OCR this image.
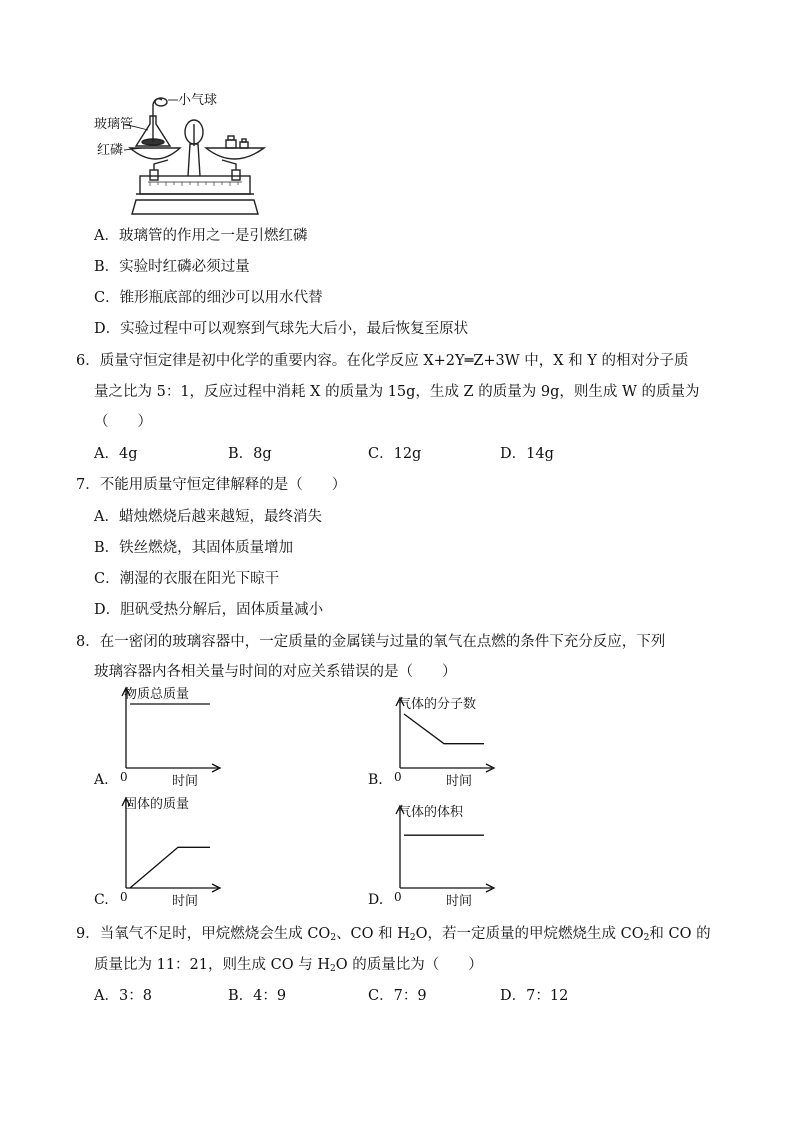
小气球
玻璃管
红磷
A．玻璃管的作用之一是引燃红磷
B．实验时红磷必须过量
C．锥形瓶底部的细沙可以用水代替
D．实验过程中可以观察到气球先大后小，最后恢复至原状
6．质量守恒定律是初中化学的重要内容。在化学反应 X+2Y═Z+3W 中，X 和 Y 的相对分子质
量之比为 5：1，反应过程中消耗 X 的质量为 15g，生成 Z 的质量为 9g，则生成 W 的质量为
（　　）
A．4g	B．8g	C．12g	D．14g
7．不能用质量守恒定律解释的是（　　）
A．蜡烛燃烧后越来越短，最终消失
B．铁丝燃烧，其固体质量增加
C．潮湿的衣服在阳光下晾干
D．胆矾受热分解后，固体质量减小
8．在一密闭的玻璃容器中，一定质量的金属镁与过量的氧气在点燃的条件下充分反应，下列
玻璃容器内各相关量与时间的对应关系错误的是（　　）
物质总质量
时间
0
A.
气体的分子数
时间
0
B.
固体的质量
时间
0
C.
气体的体积
时间
0
D.
9．当氧气不足时，甲烷燃烧会生成 $CO_2$、CO 和 $H_2O$，若一定质量的甲烷燃烧生成 $CO_2$和 CO 的
质量比为 11：21，则生成 CO 与 $H_2O$ 的质量比为（　　）
A．3：8	B．4：9	C．7：9	D．7：12
